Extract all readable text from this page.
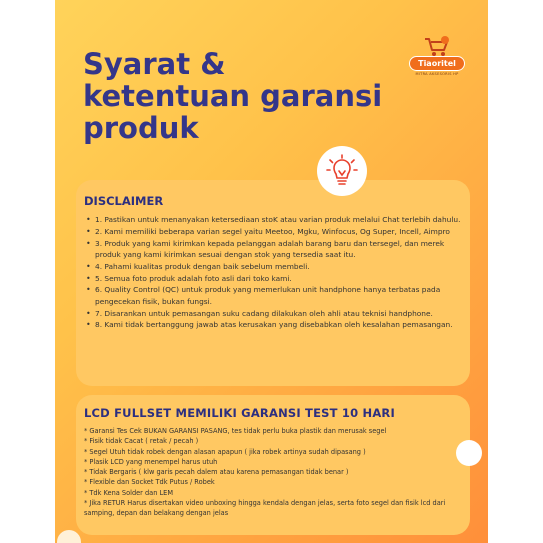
Syarat &
ketentuan garansi
produk
Tiaoritel
MITRA AKSESORIS HP
DISCLAIMER
• 1. Pastikan untuk menanyakan ketersediaan stoK atau varian produk melalui Chat terlebih dahulu.
• 2. Kami memiliki beberapa varian segel yaitu Meetoo, Mgku, Winfocus, Og Super, Incell, Aimpro
• 3. Produk yang kami kirimkan kepada pelanggan adalah barang baru dan tersegel, dan merek produk yang kami kirimkan sesuai dengan stok yang tersedia saat itu.
• 4. Pahami kualitas produk dengan baik sebelum membeli.
• 5. Semua foto produk adalah foto asli dari toko kami.
• 6. Quality Control (QC) untuk produk yang memerlukan unit handphone hanya terbatas pada pengecekan fisik, bukan fungsi.
• 7. Disarankan untuk pemasangan suku cadang dilakukan oleh ahli atau teknisi handphone.
• 8. Kami tidak bertanggung jawab atas kerusakan yang disebabkan oleh kesalahan pemasangan.
LCD FULLSET MEMILIKI GARANSI TEST 10 HARI
* Garansi Tes Cek BUKAN GARANSI PASANG, tes tidak perlu buka plastik dan merusak segel
* Fisik tidak Cacat ( retak / pecah )
* Segel Utuh tidak robek dengan alasan apapun ( jika robek artinya sudah dipasang )
* Plasik LCD yang menempel harus utuh
* Tidak Bergaris ( klw garis pecah dalem atau karena pemasangan tidak benar )
* Flexible dan Socket Tdk Putus / Robek
* Tdk Kena Solder dan LEM
* Jika RETUR Harus disertakan video unboxing hingga kendala dengan jelas, serta foto segel dan fisik lcd dari samping, depan dan belakang dengan jelas
